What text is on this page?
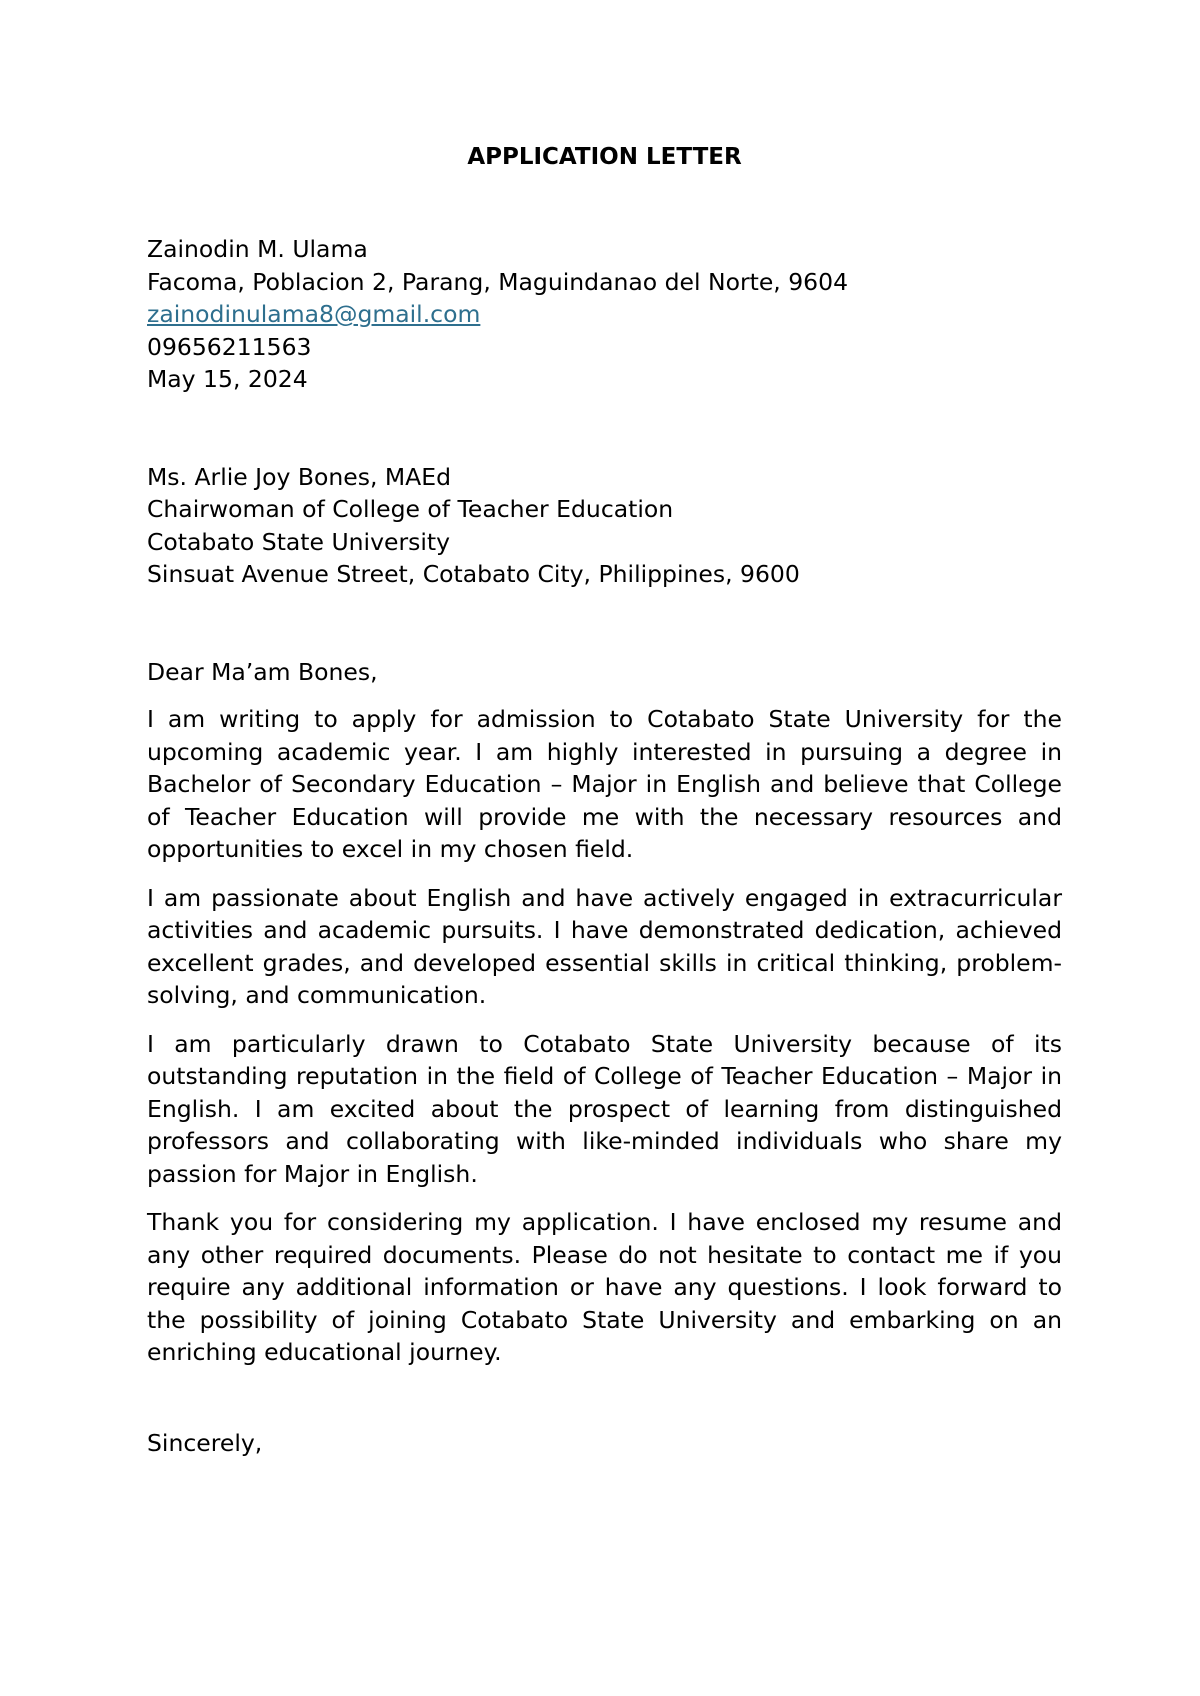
APPLICATION LETTER
Zainodin M. Ulama
Facoma, Poblacion 2, Parang, Maguindanao del Norte, 9604
zainodinulama8@gmail.com
09656211563
May 15, 2024
Ms. Arlie Joy Bones, MAEd
Chairwoman of College of Teacher Education
Cotabato State University
Sinsuat Avenue Street, Cotabato City, Philippines, 9600
Dear Ma’am Bones,

I am writing to apply for admission to Cotabato State University for the upcoming academic year. I am highly interested in pursuing a degree in Bachelor of Secondary Education – Major in English and believe that College of Teacher Education will provide me with the necessary resources and opportunities to excel in my chosen field.

I am passionate about English and have actively engaged in extracurricular activities and academic pursuits. I have demonstrated dedication, achieved excellent grades, and developed essential skills in critical thinking, problem-solving, and communication.

I am particularly drawn to Cotabato State University because of its outstanding reputation in the field of College of Teacher Education – Major in English. I am excited about the prospect of learning from distinguished professors and collaborating with like-minded individuals who share my passion for Major in English.

Thank you for considering my application. I have enclosed my resume and any other required documents. Please do not hesitate to contact me if you require any additional information or have any questions. I look forward to the possibility of joining Cotabato State University and embarking on an enriching educational journey.

Sincerely,
